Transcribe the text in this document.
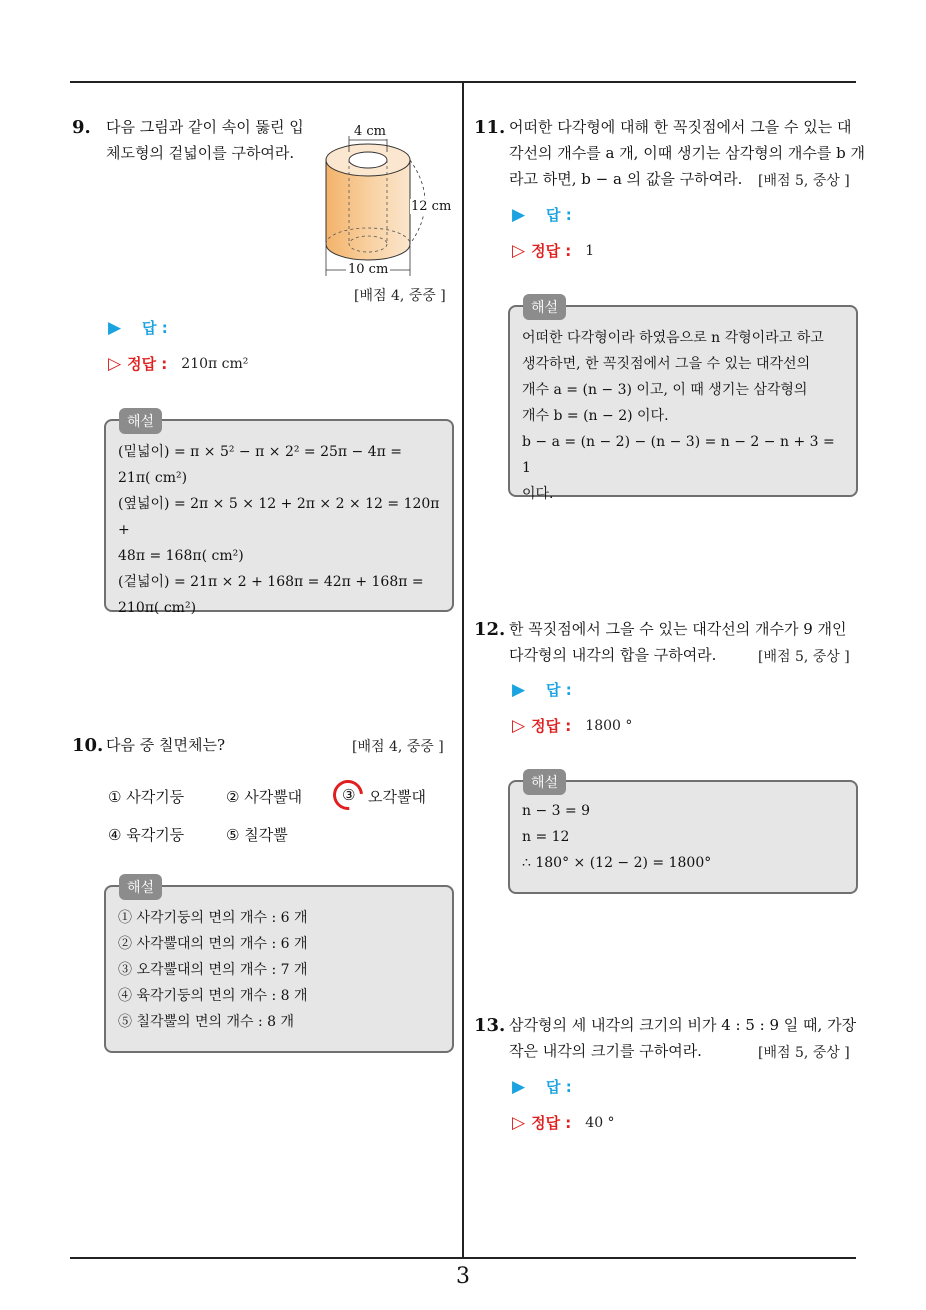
3
9. 다음 그림과 같이 속이 뚫린 입
체도형의 겉넓이를 구하여라.
4 cm
12 cm
10 cm
[배점 4, 중중 ]
▶	답 :
▷ 정답 : 210π cm²
해설

(밑넓이) = π × 5² − π × 2² = 25π − 4π =

21π( cm²)

(옆넓이) = 2π × 5 × 12 + 2π × 2 × 12 = 120π +

48π = 168π( cm²)

(겉넓이) = 21π × 2 + 168π = 42π + 168π =

210π( cm²)

10. 다음 중 칠면체는?	[배점 4, 중중 ]
① 사각기둥	② 사각뿔대	③ 오각뿔대
④ 육각기둥	⑤ 칠각뿔
해설

① 사각기둥의 면의 개수 : 6 개

② 사각뿔대의 면의 개수 : 6 개

③ 오각뿔대의 면의 개수 : 7 개

④ 육각기둥의 면의 개수 : 8 개

⑤ 칠각뿔의 면의 개수 : 8 개

11. 어떠한 다각형에 대해 한 꼭짓점에서 그을 수 있는 대
각선의 개수를 a 개, 이때 생기는 삼각형의 개수를 b 개
라고 하면, b − a 의 값을 구하여라. [배점 5, 중상 ]
▶	답 :
▷ 정답 : 1
해설

어떠한 다각형이라 하였음으로 n 각형이라고 하고

생각하면, 한 꼭짓점에서 그을 수 있는 대각선의

개수 a = (n − 3) 이고, 이 때 생기는 삼각형의

개수 b = (n − 2) 이다.

b − a = (n − 2) − (n − 3) = n − 2 − n + 3 = 1

이다.

12. 한 꼭짓점에서 그을 수 있는 대각선의 개수가 9 개인
다각형의 내각의 합을 구하여라.	[배점 5, 중상 ]
▶	답 :
▷ 정답 : 1800 °
해설

n − 3 = 9

n = 12

∴ 180° × (12 − 2) = 1800°

13. 삼각형의 세 내각의 크기의 비가 4 : 5 : 9 일 때, 가장
작은 내각의 크기를 구하여라.	[배점 5, 중상 ]
▶	답 :
▷ 정답 : 40 °
